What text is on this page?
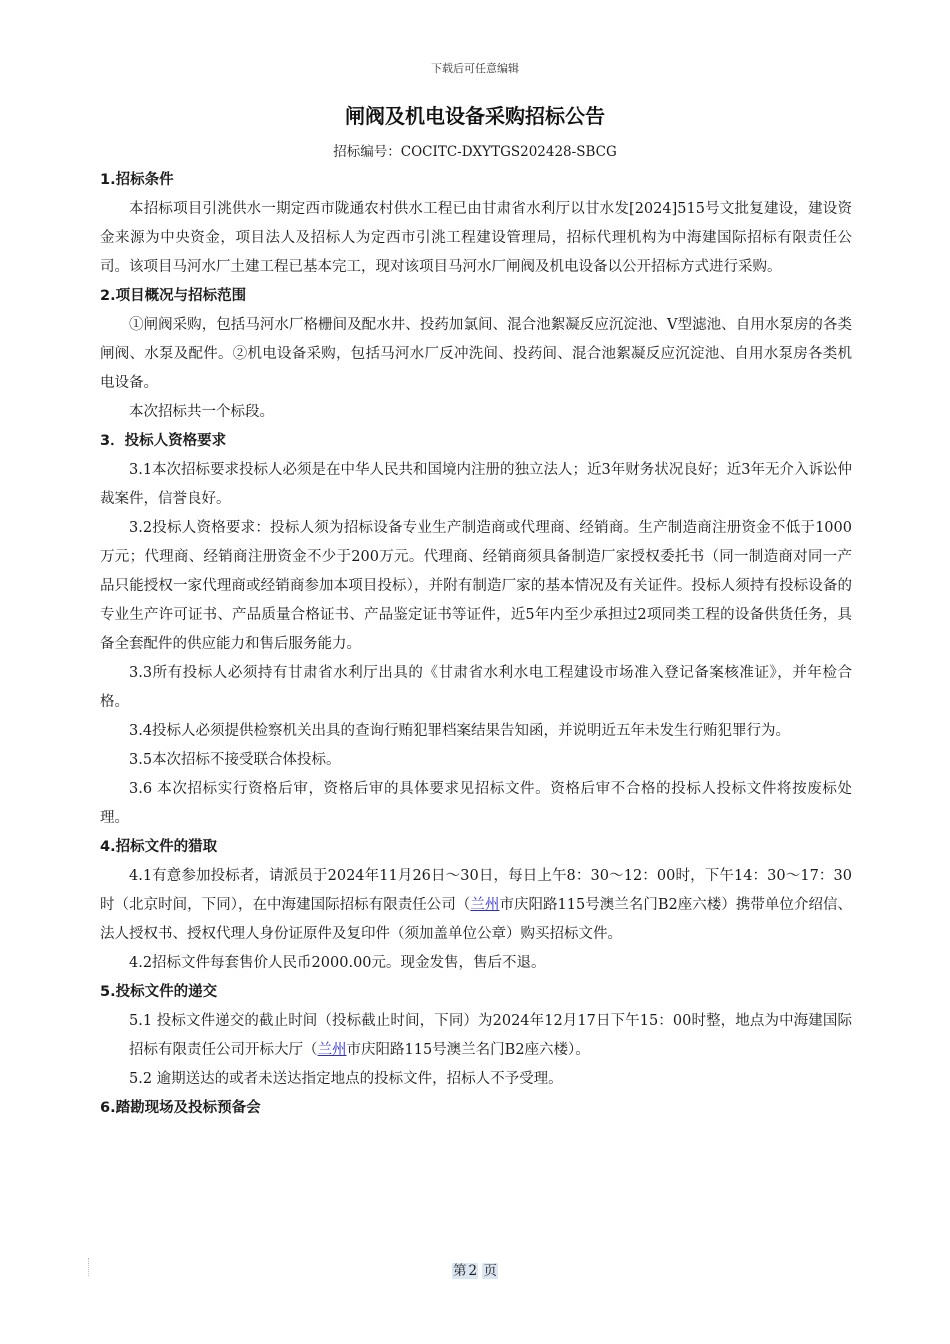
下载后可任意编辑
闸阀及机电设备采购招标公告
招标编号：COCITC-DXYTGS202428-SBCG

1.招标条件

本招标项目引洮供水一期定西市陇通农村供水工程已由甘肃省水利厅以甘水发[2024]515号文批复建设，建设资金来源为中央资金，项目法人及招标人为定西市引洮工程建设管理局，招标代理机构为中海建国际招标有限责任公司。该项目马河水厂土建工程已基本完工，现对该项目马河水厂闸阀及机电设备以公开招标方式进行采购。

2.项目概况与招标范围

①闸阀采购，包括马河水厂格栅间及配水井、投药加氯间、混合池絮凝反应沉淀池、V型滤池、自用水泵房的各类闸阀、水泵及配件。②机电设备采购，包括马河水厂反冲洗间、投药间、混合池絮凝反应沉淀池、自用水泵房各类机电设备。

本次招标共一个标段。

3．投标人资格要求

3.1本次招标要求投标人必须是在中华人民共和国境内注册的独立法人；近3年财务状况良好；近3年无介入诉讼仲裁案件，信誉良好。

3.2投标人资格要求：投标人须为招标设备专业生产制造商或代理商、经销商。生产制造商注册资金不低于1000万元；代理商、经销商注册资金不少于200万元。代理商、经销商须具备制造厂家授权委托书（同一制造商对同一产品只能授权一家代理商或经销商参加本项目投标），并附有制造厂家的基本情况及有关证件。投标人须持有投标设备的专业生产许可证书、产品质量合格证书、产品鉴定证书等证件，近5年内至少承担过2项同类工程的设备供货任务，具备全套配件的供应能力和售后服务能力。

3.3所有投标人必须持有甘肃省水利厅出具的《甘肃省水利水电工程建设市场准入登记备案核准证》，并年检合格。

3.4投标人必须提供检察机关出具的查询行贿犯罪档案结果告知函，并说明近五年未发生行贿犯罪行为。

3.5本次招标不接受联合体投标。

3.6 本次招标实行资格后审，资格后审的具体要求见招标文件。资格后审不合格的投标人投标文件将按废标处理。

4.招标文件的猎取

4.1有意参加投标者，请派员于2024年11月26日～30日，每日上午8：30～12：00时，下午14：30～17：30时（北京时间，下同），在中海建国际招标有限责任公司（兰州市庆阳路115号澳兰名门B2座六楼）携带单位介绍信、法人授权书、授权代理人身份证原件及复印件（须加盖单位公章）购买招标文件。

4.2招标文件每套售价人民币2000.00元。现金发售，售后不退。

5.投标文件的递交

5.1 投标文件递交的截止时间（投标截止时间，下同）为2024年12月17日下午15：00时整，地点为中海建国际招标有限责任公司开标大厅（兰州市庆阳路115号澳兰名门B2座六楼）。

5.2 逾期送达的或者未送达指定地点的投标文件，招标人不予受理。

6.踏勘现场及投标预备会

第 2 页
